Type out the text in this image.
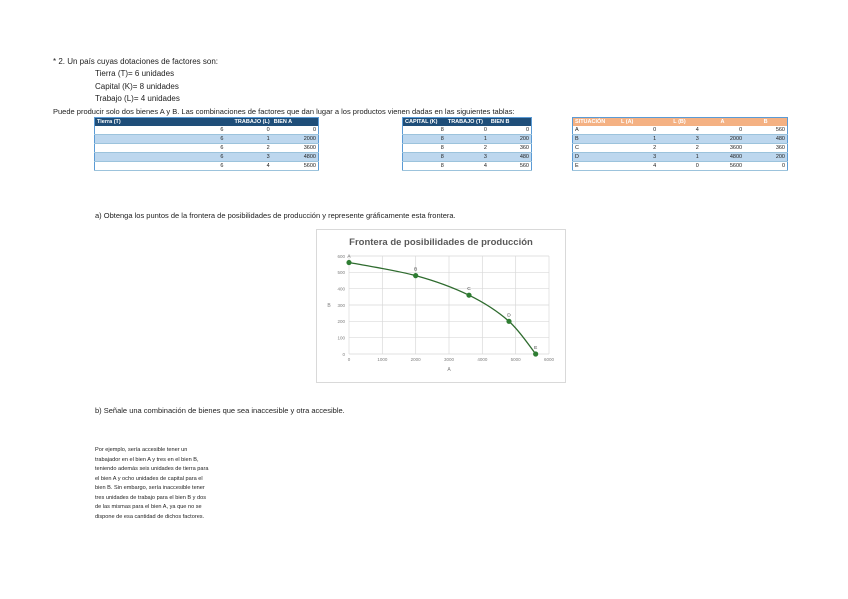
* 2. Un país cuyas dotaciones de factores son:
Tierra (T)= 6 unidades
Capital (K)= 8 unidades
Trabajo (L)= 4 unidades
Puede producir solo dos bienes A y B. Las combinaciones de factores que dan lugar a los productos vienen dadas en las siguientes tablas:
Tierra (T)	TRABAJO (L)	BIEN A
6	0	0
6	1	2000
6	2	3600
6	3	4800
6	4	5600
CAPITAL (K)	TRABAJO (T)	BIEN B
8	0	0
8	1	200
8	2	360
8	3	480
8	4	560
SITUACIÓN	L (A)	L (B)	A	B
A	0	4	0	560
B	1	3	2000	480
C	2	2	3600	360
D	3	1	4800	200
E	4	0	5600	0
a) Obtenga los puntos de la frontera de posibilidades de producción y represente gráficamente esta frontera.
Frontera de posibilidades de producción
0
100
200
300
400
500
600
0	1000	2000	3000	4000	5000	6000
A
B
A
B
C
D
E
b) Señale una combinación de bienes que sea inaccesible y otra accesible.
Por ejemplo, sería accesible tener un
trabajador en el bien A y tres en el bien B,
teniendo además seis unidades de tierra para
el bien A y ocho unidades de capital para el
bien B. Sin embargo, sería inaccesible tener
tres unidades de trabajo para el bien B y dos
de las mismas para el bien A, ya que no se
dispone de esa cantidad de dichos factores.
